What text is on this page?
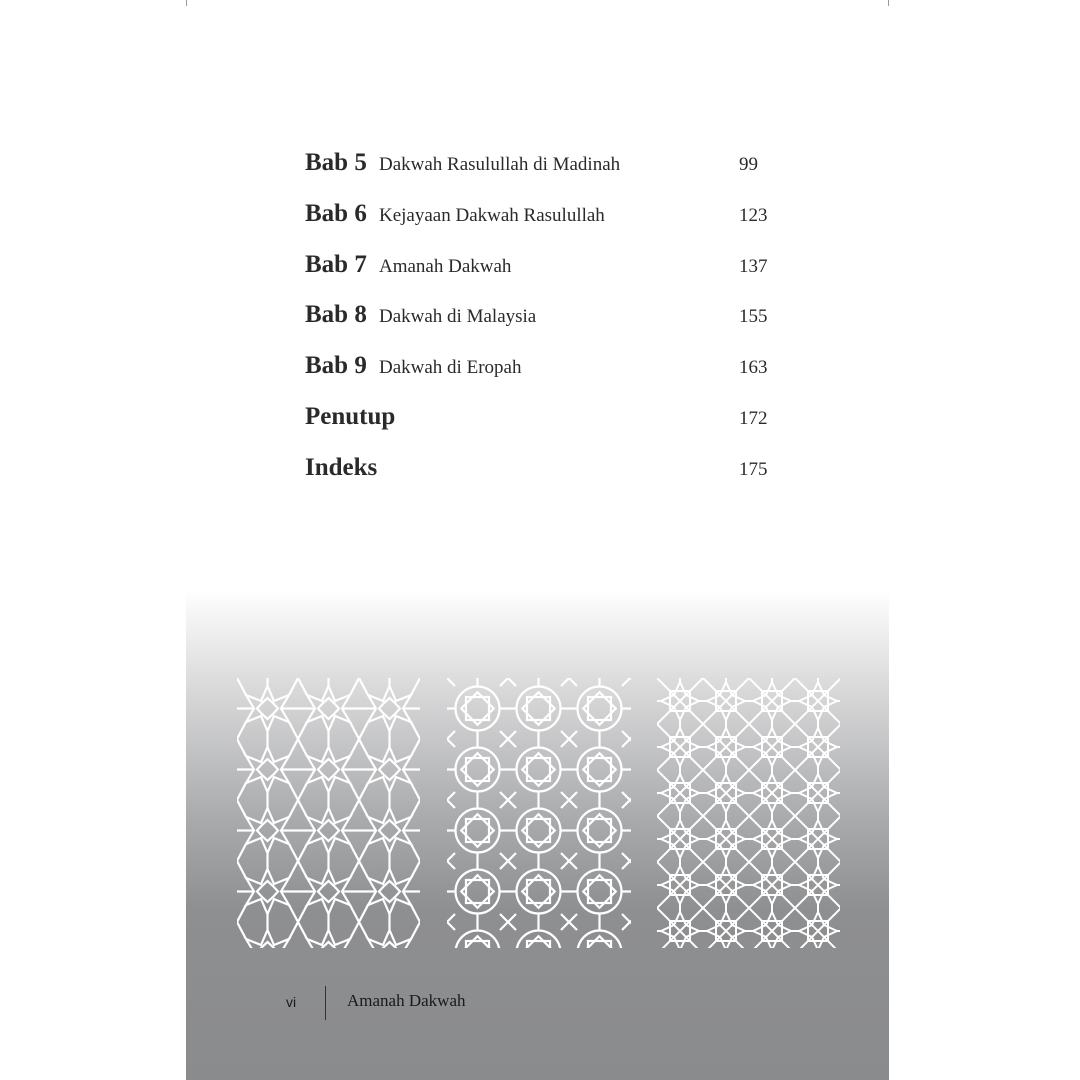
Bab 5 Dakwah Rasulullah di Madinah	99
Bab 6 Kejayaan Dakwah Rasulullah	123
Bab 7 Amanah Dakwah	137
Bab 8 Dakwah di Malaysia	155
Bab 9 Dakwah di Eropah	163
Penutup	172
Indeks	175
vi	Amanah Dakwah
